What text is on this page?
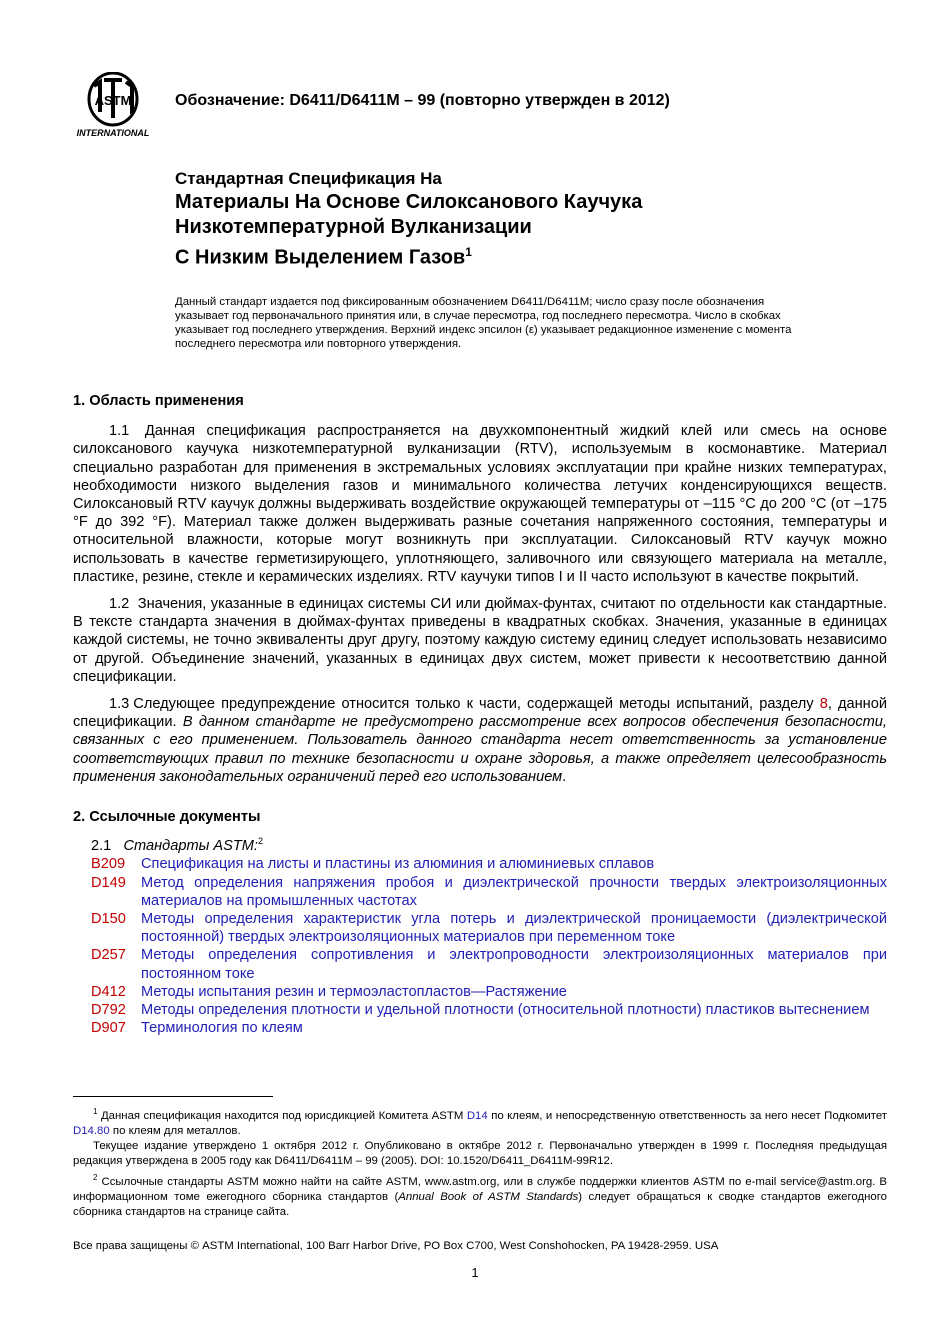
ASTM
INTERNATIONAL
Обозначение: D6411/D6411M – 99 (повторно утвержден в 2012)
Стандартная Спецификация На
Материалы На Основе Силоксанового Каучука
Низкотемпературной Вулканизации
С Низким Выделением Газов$^1$
Данный стандарт издается под фиксированным обозначением D6411/D6411M; число сразу после обозначения указывает год первоначального принятия или, в случае пересмотра, год последнего пересмотра. Число в скобках указывает год последнего утверждения. Верхний индекс эпсилон (ε) указывает редакционное изменение с момента последнего пересмотра или повторного утверждения.
1. Область применения

1.1 Данная спецификация распространяется на двухкомпонентный жидкий клей или смесь на основе силоксанового каучука низкотемпературной вулканизации (RTV), используемым в космонавтике. Материал специально разработан для применения в экстремальных условиях эксплуатации при крайне низких температурах, необходимости низкого выделения газов и минимального количества летучих конденсирующихся веществ. Силоксановый RTV каучук должны выдерживать воздействие окружающей температуры от –115 °C до 200 °C (от –175 °F до 392 °F). Материал также должен выдерживать разные сочетания напряженного состояния, температуры и относительной влажности, которые могут возникнуть при эксплуатации. Силоксановый RTV каучук можно использовать в качестве герметизирующего, уплотняющего, заливочного или связующего материала на металле, пластике, резине, стекле и керамических изделиях. RTV каучуки типов I и II часто используют в качестве покрытий.

1.2 Значения, указанные в единицах системы СИ или дюймах-фунтах, считают по отдельности как стандартные. В тексте стандарта значения в дюймах-фунтах приведены в квадратных скобках. Значения, указанные в единицах каждой системы, не точно эквиваленты друг другу, поэтому каждую систему единиц следует использовать независимо от другой. Объединение значений, указанных в единицах двух систем, может привести к несоответствию данной спецификации.

1.3 Следующее предупреждение относится только к части, содержащей методы испытаний, разделу 8, данной спецификации. В данном стандарте не предусмотрено рассмотрение всех вопросов обеспечения безопасности, связанных с его применением. Пользователь данного стандарта несет ответственность за установление соответствующих правил по технике безопасности и охране здоровья, а также определяет целесообразность применения законодательных ограничений перед его использованием.

2. Ссылочные документы

2.1 Стандарты ASTM:$^2$

B209	Спецификация на листы и пластины из алюминия и алюминиевых сплавов
D149	Метод определения напряжения пробоя и диэлектрической прочности твердых электроизоляционных материалов на промышленных частотах
D150	Методы определения характеристик угла потерь и диэлектрической проницаемости (диэлектрической постоянной) твердых электроизоляционных материалов при переменном токе
D257	Методы определения сопротивления и электропроводности электроизоляционных материалов при постоянном токе
D412	Методы испытания резин и термоэластопластов—Растяжение
D792	Методы определения плотности и удельной плотности (относительной плотности) пластиков вытеснением
D907	Терминология по клеям

$^1$ Данная спецификация находится под юрисдикцией Комитета ASTM D14 по клеям, и непосредственную ответственность за него несет Подкомитет D14.80 по клеям для металлов.

Текущее издание утверждено 1 октября 2012 г. Опубликовано в октябре 2012 г. Первоначально утвержден в 1999 г. Последняя предыдущая редакция утверждена в 2005 году как D6411/D6411M – 99 (2005). DOI: 10.1520/D6411_D6411M-99R12.

$^2$ Ссылочные стандарты ASTM можно найти на сайте ASTM, www.astm.org, или в службе поддержки клиентов ASTM по e-mail service@astm.org. В информационном томе ежегодного сборника стандартов (Annual Book of ASTM Standards) следует обращаться к сводке стандартов ежегодного сборника стандартов на странице сайта.

Все права защищены © ASTM International, 100 Barr Harbor Drive, PO Box C700, West Conshohocken, PA 19428-2959. USA
1
